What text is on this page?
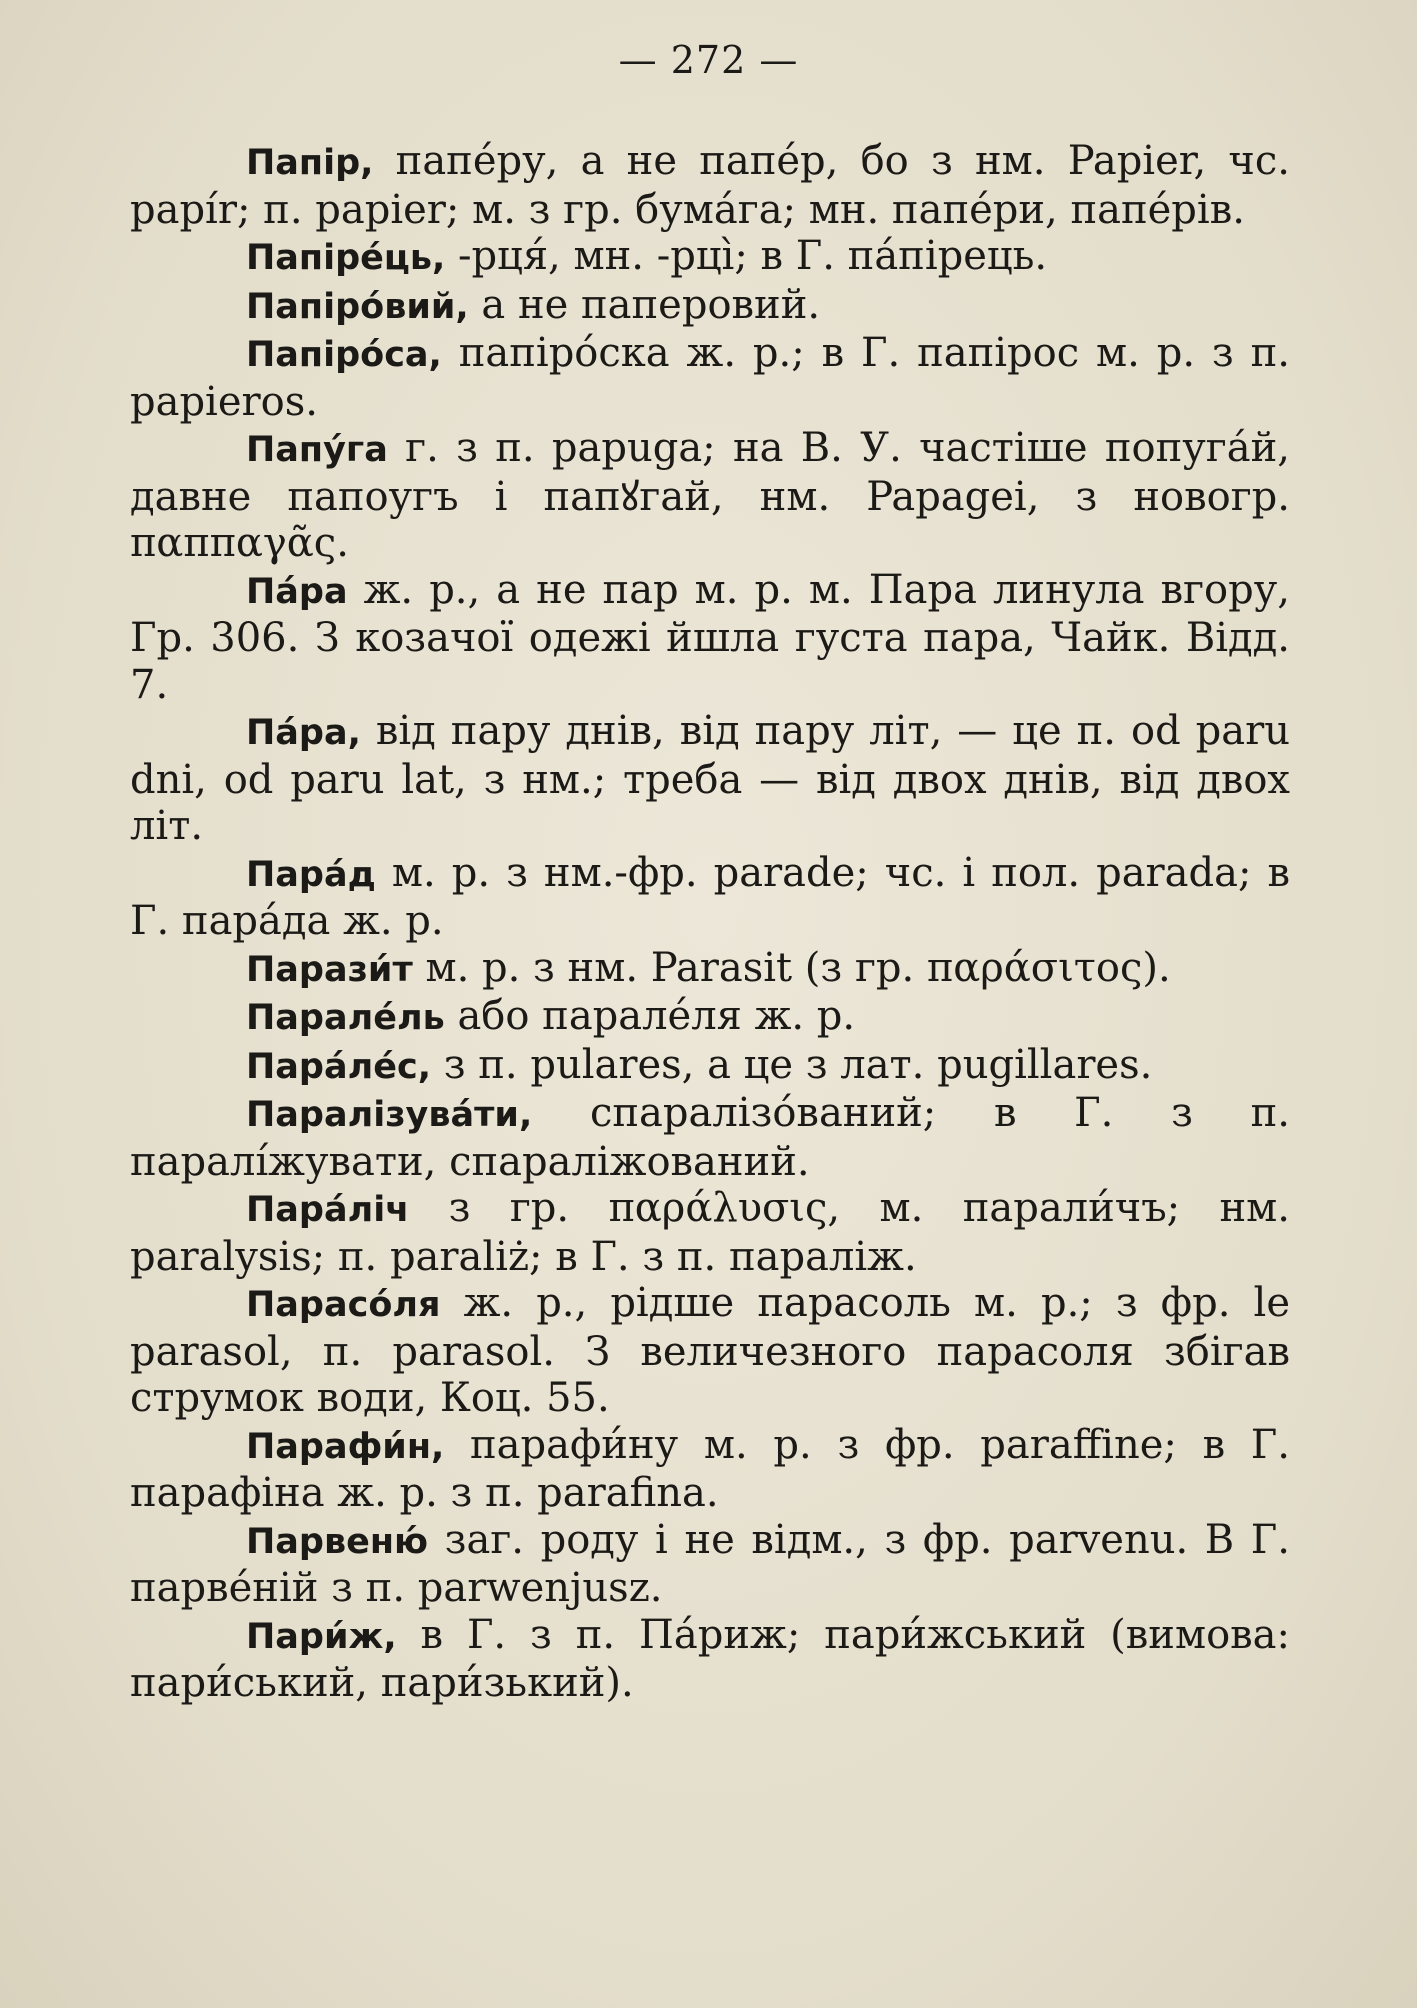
— 272 —

Папір, папе́ру, а не папе́р, бо з нм. Papier, чс. papír; п. papier; м. з гр. бума́га; мн. папе́ри, папе́рів.

Папіре́ць, -рця́, мн. -рці̀; в Г. па́пірець.

Папіро́вий, а не паперовий.

Папіро́са, папіро́ска ж. р.; в Г. папірос м. р. з п. papieros.

Папу́га г. з п. papuga; на В. У. частіше попугáй, давне папоугъ і папꙋгай, нм. Papagei, з новогр. παππαγᾶς.

Па́ра ж. р., а не пар м. р. м. Пара линула вгору, Гр. 306. З козачої одежі йшла густа пара, Чайк. Відд. 7.

Па́ра, від пару днів, від пару літ, — це п. od paru dni, od paru lat, з нм.; треба — від двох днів, від двох літ.

Пара́д м. р. з нм.-фр. parade; чс. і пол. parada; в Г. пара́да ж. р.

Парази́т м. р. з нм. Parasit (з гр. παράσιτος).

Парале́ль або парале́ля ж. р.

Пара́ле́с, з п. pulares, а це з лат. pugillares.

Паралізува́ти, спаралізо́ваний; в Г. з п. паралі́жувати, спараліжований.

Пара́ліч з гр. παράλυσις, м. парали́чъ; нм. paralysis; п. paraliż; в Г. з п. параліж.

Парасо́ля ж. р., рідше парасоль м. р.; з фр. le parasol, п. parasol. З величезного парасоля збігав струмок води, Коц. 55.

Парафи́н, парафи́ну м. р. з фр. paraffine; в Г. парафіна ж. р. з п. parafina.

Парвеню́ заг. роду і не відм., з фр. parvenu. В Г. парве́ній з п. parwenjusz.

Пари́ж, в Г. з п. Па́риж; пари́жський (вимова: пари́ський, пари́зький).
